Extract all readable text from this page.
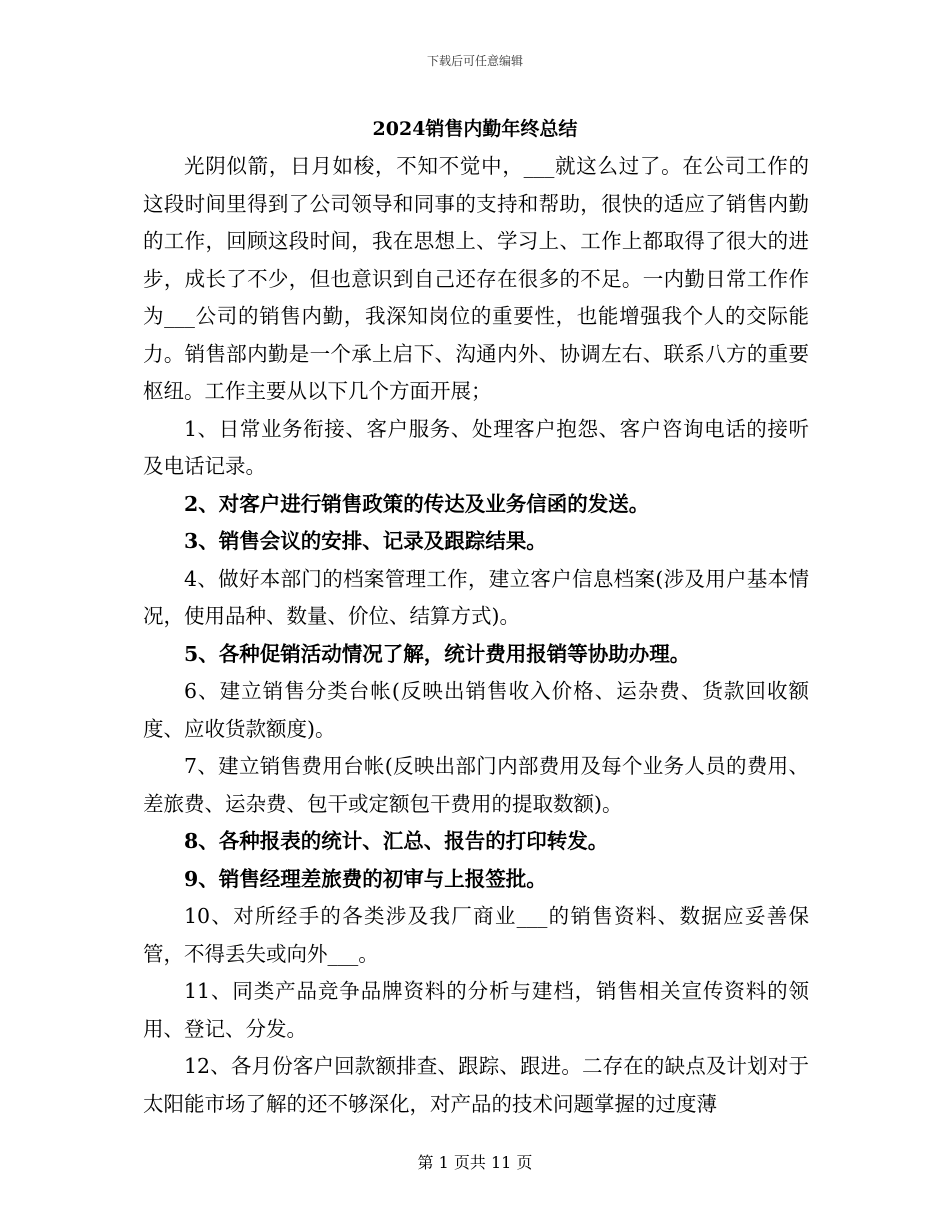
下载后可任意编辑
2024销售内勤年终总结

光阴似箭，日月如梭，不知不觉中，___就这么过了。在公司工作的这段时间里得到了公司领导和同事的支持和帮助，很快的适应了销售内勤的工作，回顾这段时间，我在思想上、学习上、工作上都取得了很大的进步，成长了不少，但也意识到自己还存在很多的不足。一内勤日常工作作为___公司的销售内勤，我深知岗位的重要性，也能增强我个人的交际能力。销售部内勤是一个承上启下、沟通内外、协调左右、联系八方的重要枢纽。工作主要从以下几个方面开展；

1、日常业务衔接、客户服务、处理客户抱怨、客户咨询电话的接听及电话记录。

2、对客户进行销售政策的传达及业务信函的发送。

3、销售会议的安排、记录及跟踪结果。

4、做好本部门的档案管理工作，建立客户信息档案(涉及用户基本情况，使用品种、数量、价位、结算方式)。

5、各种促销活动情况了解，统计费用报销等协助办理。

6、建立销售分类台帐(反映出销售收入价格、运杂费、货款回收额度、应收货款额度)。

7、建立销售费用台帐(反映出部门内部费用及每个业务人员的费用、差旅费、运杂费、包干或定额包干费用的提取数额)。

8、各种报表的统计、汇总、报告的打印转发。

9、销售经理差旅费的初审与上报签批。

10、对所经手的各类涉及我厂商业___的销售资料、数据应妥善保管，不得丢失或向外___。

11、同类产品竞争品牌资料的分析与建档，销售相关宣传资料的领用、登记、分发。

12、各月份客户回款额排查、跟踪、跟进。二存在的缺点及计划对于太阳能市场了解的还不够深化，对产品的技术问题掌握的过度薄

第 1 页共 11 页
